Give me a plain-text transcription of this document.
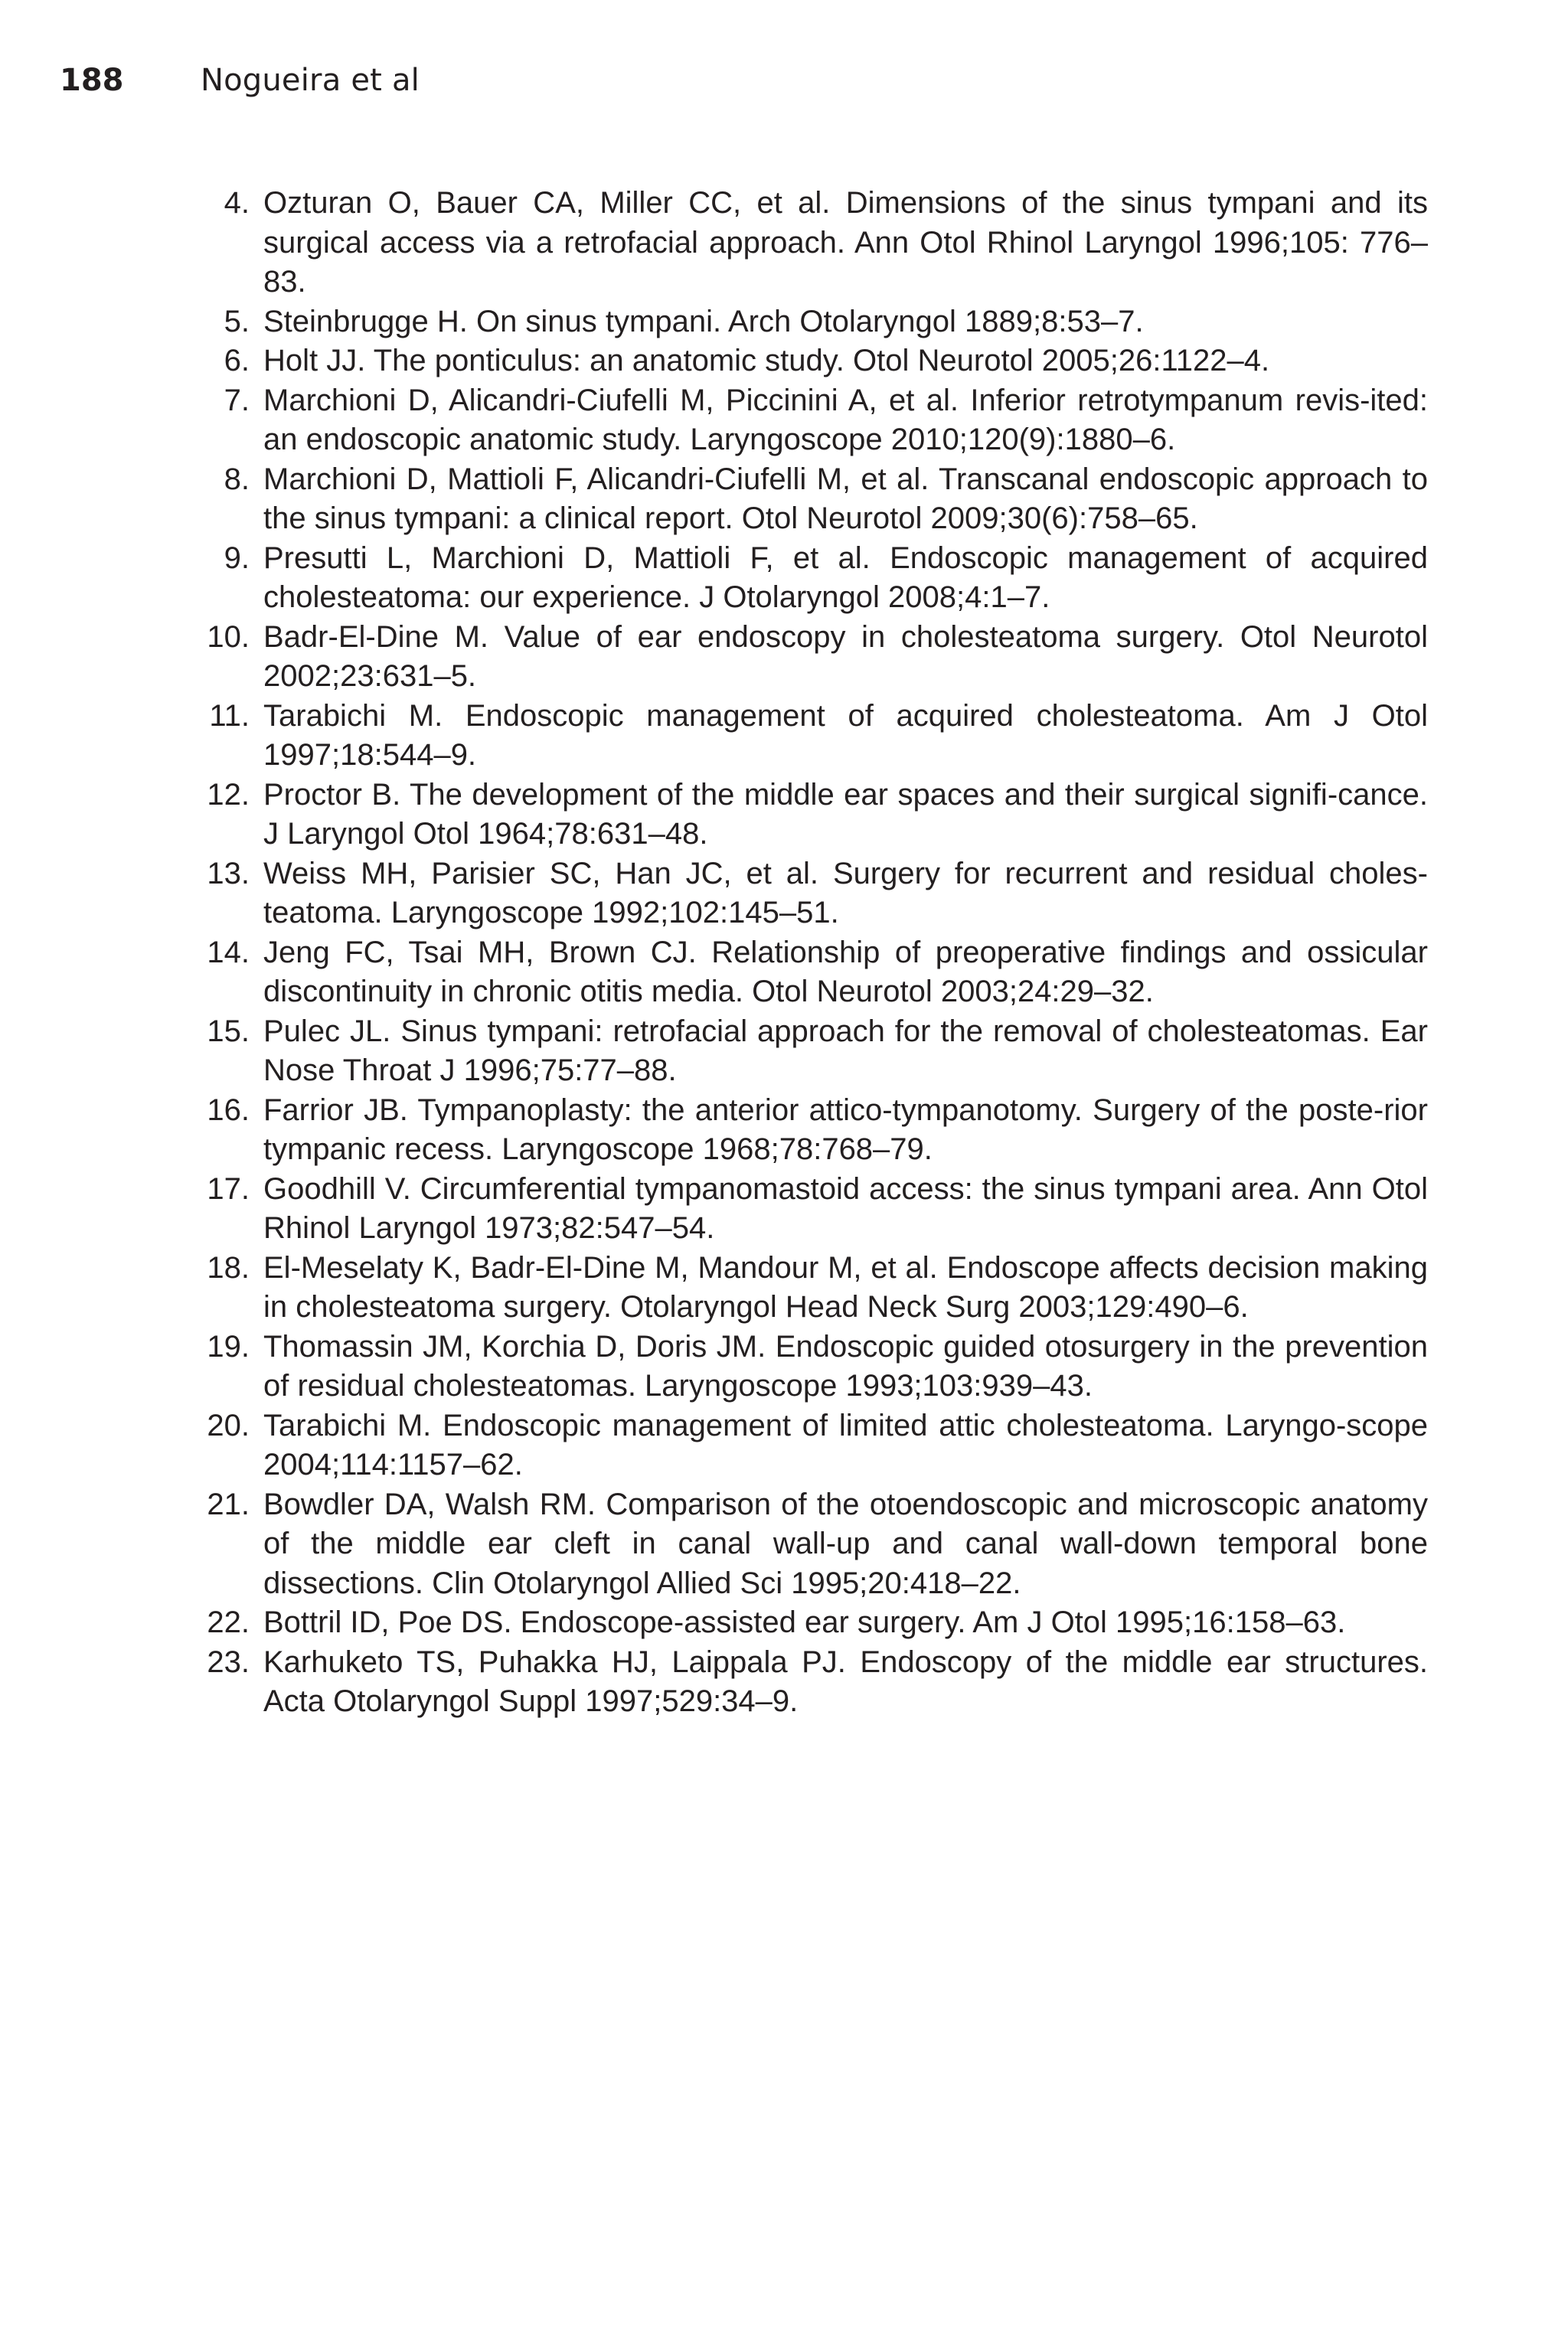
188	Nogueira et al
4. Ozturan O, Bauer CA, Miller CC, et al. Dimensions of the sinus tympani and its surgical access via a retrofacial approach. Ann Otol Rhinol Laryngol 1996;105: 776–83.
5. Steinbrugge H. On sinus tympani. Arch Otolaryngol 1889;8:53–7.
6. Holt JJ. The ponticulus: an anatomic study. Otol Neurotol 2005;26:1122–4.
7. Marchioni D, Alicandri-Ciufelli M, Piccinini A, et al. Inferior retrotympanum revis-ited: an endoscopic anatomic study. Laryngoscope 2010;120(9):1880–6.
8. Marchioni D, Mattioli F, Alicandri-Ciufelli M, et al. Transcanal endoscopic approach to the sinus tympani: a clinical report. Otol Neurotol 2009;30(6):758–65.
9. Presutti L, Marchioni D, Mattioli F, et al. Endoscopic management of acquired cholesteatoma: our experience. J Otolaryngol 2008;4:1–7.
10. Badr-El-Dine M. Value of ear endoscopy in cholesteatoma surgery. Otol Neurotol 2002;23:631–5.
11. Tarabichi M. Endoscopic management of acquired cholesteatoma. Am J Otol 1997;18:544–9.
12. Proctor B. The development of the middle ear spaces and their surgical signifi-cance. J Laryngol Otol 1964;78:631–48.
13. Weiss MH, Parisier SC, Han JC, et al. Surgery for recurrent and residual choles-teatoma. Laryngoscope 1992;102:145–51.
14. Jeng FC, Tsai MH, Brown CJ. Relationship of preoperative findings and ossicular discontinuity in chronic otitis media. Otol Neurotol 2003;24:29–32.
15. Pulec JL. Sinus tympani: retrofacial approach for the removal of cholesteatomas. Ear Nose Throat J 1996;75:77–88.
16. Farrior JB. Tympanoplasty: the anterior attico-tympanotomy. Surgery of the poste-rior tympanic recess. Laryngoscope 1968;78:768–79.
17. Goodhill V. Circumferential tympanomastoid access: the sinus tympani area. Ann Otol Rhinol Laryngol 1973;82:547–54.
18. El-Meselaty K, Badr-El-Dine M, Mandour M, et al. Endoscope affects decision making in cholesteatoma surgery. Otolaryngol Head Neck Surg 2003;129:490–6.
19. Thomassin JM, Korchia D, Doris JM. Endoscopic guided otosurgery in the prevention of residual cholesteatomas. Laryngoscope 1993;103:939–43.
20. Tarabichi M. Endoscopic management of limited attic cholesteatoma. Laryngo-scope 2004;114:1157–62.
21. Bowdler DA, Walsh RM. Comparison of the otoendoscopic and microscopic anatomy of the middle ear cleft in canal wall-up and canal wall-down temporal bone dissections. Clin Otolaryngol Allied Sci 1995;20:418–22.
22. Bottril ID, Poe DS. Endoscope-assisted ear surgery. Am J Otol 1995;16:158–63.
23. Karhuketo TS, Puhakka HJ, Laippala PJ. Endoscopy of the middle ear structures. Acta Otolaryngol Suppl 1997;529:34–9.
